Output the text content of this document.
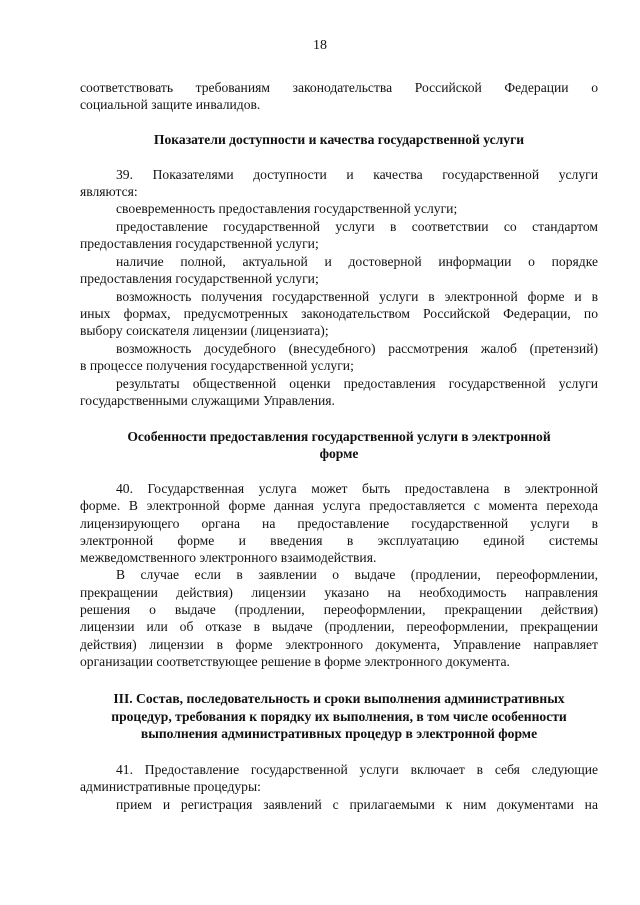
18
соответствовать требованиям законодательства Российской Федерации о
социальной защите инвалидов.
Показатели доступности и качества государственной услуги
39. Показателями доступности и качества государственной услуги
являются:
своевременность предоставления государственной услуги;
предоставление государственной услуги в соответствии со стандартом
предоставления государственной услуги;
наличие полной, актуальной и достоверной информации о порядке
предоставления государственной услуги;
возможность получения государственной услуги в электронной форме и в
иных формах, предусмотренных законодательством Российской Федерации, по
выбору соискателя лицензии (лицензиата);
возможность досудебного (внесудебного) рассмотрения жалоб (претензий)
в процессе получения государственной услуги;
результаты общественной оценки предоставления государственной услуги
государственными служащими Управления.
Особенности предоставления государственной услуги в электронной
форме
40. Государственная услуга может быть предоставлена в электронной
форме. В электронной форме данная услуга предоставляется с момента перехода
лицензирующего органа на предоставление государственной услуги в
электронной форме и введения в эксплуатацию единой системы
межведомственного электронного взаимодействия.
В случае если в заявлении о выдаче (продлении, переоформлении,
прекращении действия) лицензии указано на необходимость направления
решения о выдаче (продлении, переоформлении, прекращении действия)
лицензии или об отказе в выдаче (продлении, переоформлении, прекращении
действия) лицензии в форме электронного документа, Управление направляет
организации соответствующее решение в форме электронного документа.
III. Состав, последовательность и сроки выполнения административных
процедур, требования к порядку их выполнения, в том числе особенности
выполнения административных процедур в электронной форме
41. Предоставление государственной услуги включает в себя следующие
административные процедуры:
прием и регистрация заявлений с прилагаемыми к ним документами на
